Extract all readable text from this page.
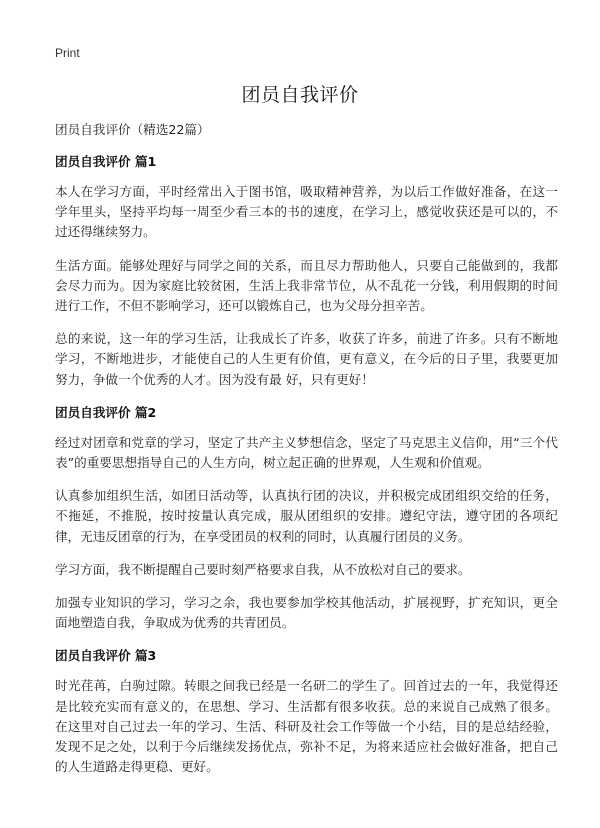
Print
团员自我评价

团员自我评价（精选22篇）

团员自我评价 篇1

本人在学习方面，平时经常出入于图书馆，吸取精神营养，为以后工作做好准备，在这一学年里头，坚持平均每一周至少看三本的书的速度，在学习上，感觉收获还是可以的，不过还得继续努力。

生活方面。能够处理好与同学之间的关系，而且尽力帮助他人，只要自己能做到的，我都会尽力而为。因为家庭比较贫困，生活上我非常节位，从不乱花一分钱，利用假期的时间进行工作，不但不影响学习，还可以锻炼自己，也为父母分担辛苦。

总的来说，这一年的学习生活，让我成长了许多，收获了许多，前进了许多。只有不断地学习，不断地进步，才能使自己的人生更有价值，更有意义，在今后的日子里，我要更加努力，争做一个优秀的人才。因为没有最 好，只有更好！

团员自我评价 篇2

经过对团章和党章的学习，坚定了共产主义梦想信念，坚定了马克思主义信仰，用“三个代表”的重要思想指导自己的人生方向，树立起正确的世界观，人生观和价值观。

认真参加组织生活，如团日活动等，认真执行团的决议，并积极完成团组织交给的任务，不拖延，不推脱，按时按量认真完成，服从团组织的安排。遵纪守法，遵守团的各项纪律，无违反团章的行为，在享受团员的权利的同时，认真履行团员的义务。

学习方面，我不断提醒自己要时刻严格要求自我，从不放松对自己的要求。

加强专业知识的学习，学习之余，我也要参加学校其他活动，扩展视野，扩充知识，更全面地塑造自我，争取成为优秀的共青团员。

团员自我评价 篇3

时光荏苒，白驹过隙。转眼之间我已经是一名研二的学生了。回首过去的一年，我觉得还是比较充实而有意义的，在思想、学习、生活都有很多收获。总的来说自己成熟了很多。在这里对自己过去一年的学习、生活、科研及社会工作等做一个小结，目的是总结经验，发现不足之处，以利于今后继续发扬优点，弥补不足，为将来适应社会做好准备，把自己的人生道路走得更稳、更好。
